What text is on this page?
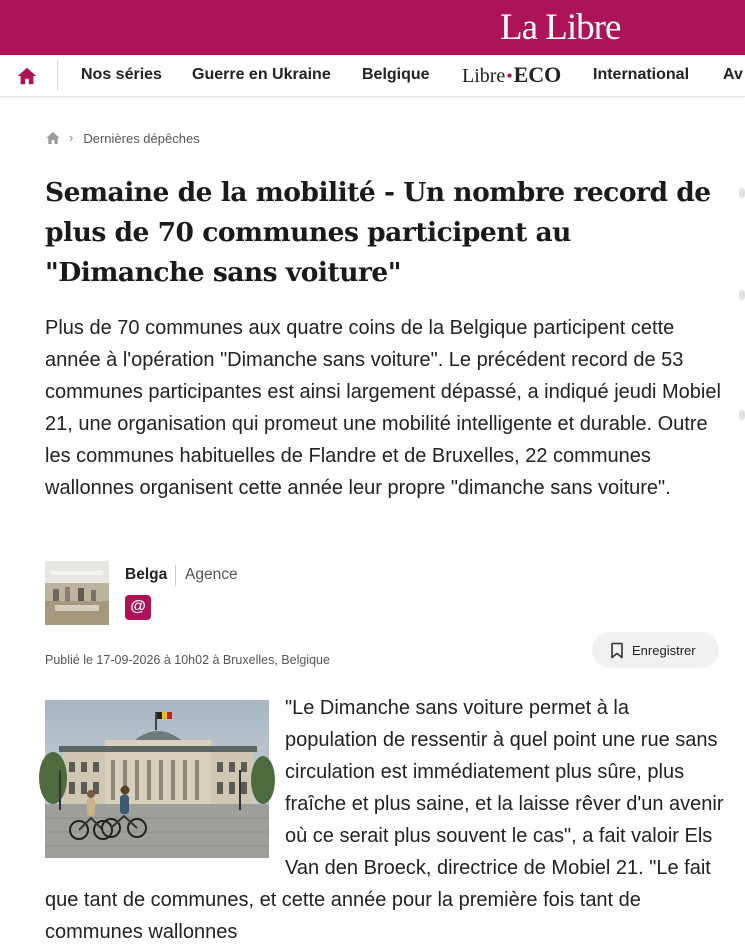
La Libre
Nos séries Guerre en Ukraine Belgique Libre•ECO International Av
› Dernières dépêches
Semaine de la mobilité - Un nombre record de plus de 70 communes participent au "Dimanche sans voiture"

Plus de 70 communes aux quatre coins de la Belgique participent cette année à l'opération "Dimanche sans voiture". Le précédent record de 53 communes participantes est ainsi largement dépassé, a indiqué jeudi Mobiel 21, une organisation qui promeut une mobilité intelligente et durable. Outre les communes habituelles de Flandre et de Bruxelles, 22 communes wallonnes organisent cette année leur propre "dimanche sans voiture".

Belga Agence
@
Publié le 17-09-2026 à 10h02 à Bruxelles, Belgique
Enregistrer
"Le Dimanche sans voiture permet à la population de ressentir à quel point une rue sans circulation est immédiatement plus sûre, plus fraîche et plus saine, et la laisse rêver d'un avenir où ce serait plus souvent le cas", a fait valoir Els Van den Broeck, directrice de Mobiel 21. "Le fait que tant de communes, et cette année pour la première fois tant de communes wallonnes
